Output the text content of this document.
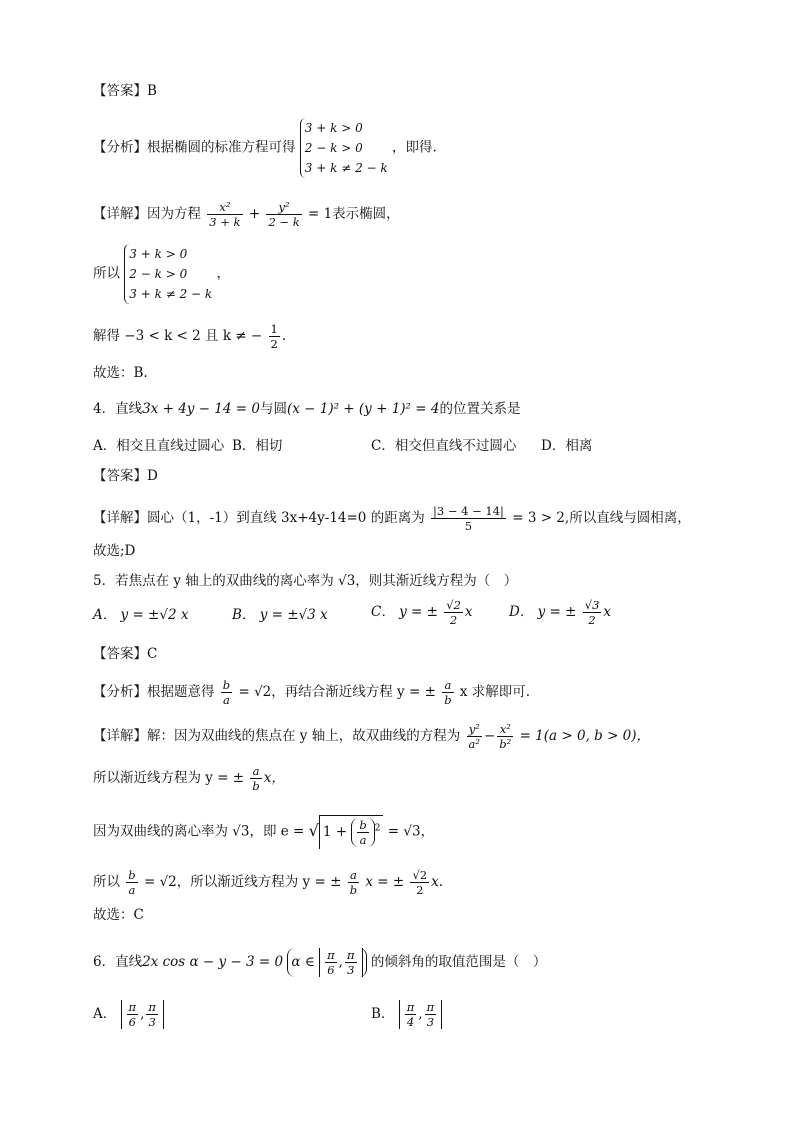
【答案】B
【分析】根据椭圆的标准方程可得
3 + k > 0
2 − k > 0
3 + k ≠ 2 − k
，即得.
【详解】因为方程 $\frac{\text{x²}}{3 + k} + \frac{\text{y²}}{2 - k} = 1$表示椭圆，
所以
3 + k > 0
2 − k > 0
3 + k ≠ 2 − k
，
解得 −3 < k < 2 且 k ≠ − $\frac{1}{2}$ .
故选：B.
4．直线3x + 4y − 14 = 0与圆(x − 1)² + (y + 1)² = 4的位置关系是
A．相交且直线过圆心 B．相切	C．相交但直线不过圆心 D．相离
【答案】D
【详解】圆心（1，-1）到直线 3x+4y-14=0 的距离为 $\frac{|3 - 4 - 14|}{5} = 3 > 2$,所以直线与圆相离，
故选;D
5．若焦点在 y 轴上的双曲线的离心率为 √3，则其渐近线方程为（　）
A． y = ±√2 x	B． y = ±√3 x	C． y = ± $\frac{√2}{2}$ x	D． y = ± $\frac{√3}{2}$ x
【答案】C
【分析】根据题意得 $\frac{b}{a} = √2$，再结合渐近线方程 y = ± $\frac{a}{b}$ x 求解即可.
【详解】解：因为双曲线的焦点在 y 轴上，故双曲线的方程为 $\frac{\text{y²}}{\text{a²}} - \frac{\text{x²}}{\text{b²}} = 1(a > 0$, b > 0)，
所以渐近线方程为 y = ± $\frac{a}{b}$ x，
因为双曲线的离心率为 √3，即 e = √ $1 + \frac{b}{a} ^2 = √3$，
所以 $\frac{b}{a} = √2$，所以渐近线方程为 y = ± $\frac{a}{b}$ x = ± $\frac{√2}{2} x$.
故选：C
6．直线2x cos α − y − 3 = 0 α ∈ $\frac{\pi}{6}$ , $\frac{\pi}{3}$ 的倾斜角的取值范围是（　）
A． $\frac{\pi}{6}$ , $\frac{\pi}{3}$	B． $\frac{\pi}{4}$ , $\frac{\pi}{3}$
